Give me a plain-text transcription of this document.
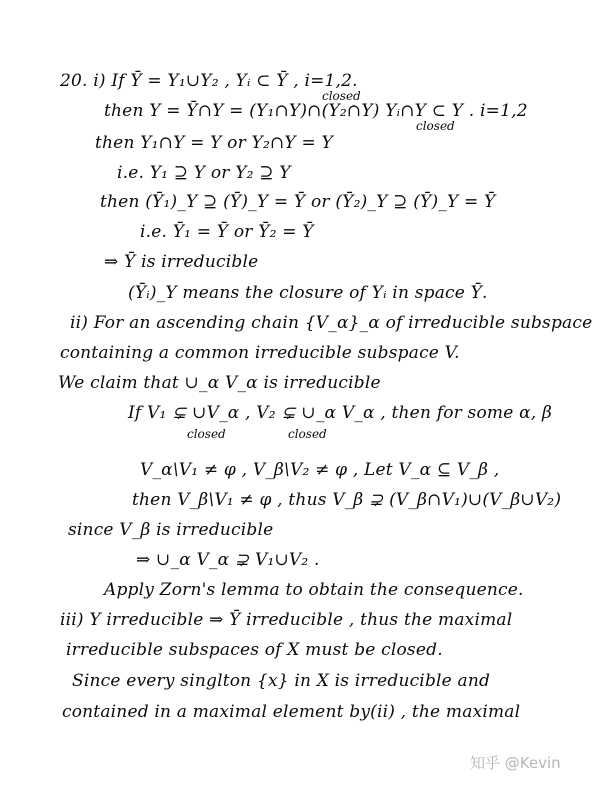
20. i) If Ȳ = Y₁∪Y₂ , Yᵢ ⊂ Ȳ , i=1,2.
closed
then Y = Ȳ∩Y = (Y₁∩Y)∩(Y₂∩Y) Yᵢ∩Y ⊂ Y . i=1,2
closed
then Y₁∩Y = Y or Y₂∩Y = Y
i.e. Y₁ ⊇ Y or Y₂ ⊇ Y
then (Ȳ₁)_Y ⊇ (Ȳ)_Y = Ȳ or (Ȳ₂)_Y ⊇ (Ȳ)_Y = Ȳ
i.e. Ȳ₁ = Ȳ or Ȳ₂ = Ȳ
⇒ Ȳ is irreducible
(Ȳᵢ)_Y means the closure of Yᵢ in space Ȳ.
ii) For an ascending chain {V_α}_α of irreducible subspace
containing a common irreducible subspace V.
We claim that ∪_α V_α is irreducible
If V₁ ⊊ ∪V_α , V₂ ⊊ ∪_α V_α , then for some α, β
closed	closed
V_α\V₁ ≠ φ , V_β\V₂ ≠ φ , Let V_α ⊆ V_β ,
then V_β\V₁ ≠ φ , thus V_β ⊋ (V_β∩V₁)∪(V_β∪V₂)
since V_β is irreducible
⇒ ∪_α V_α ⊋ V₁∪V₂ .
Apply Zorn's lemma to obtain the consequence.
iii) Y irreducible ⇒ Ȳ irreducible , thus the maximal
irreducible subspaces of X must be closed.
Since every singlton {x} in X is irreducible and
contained in a maximal element by(ii) , the maximal
知乎 @Kevin
